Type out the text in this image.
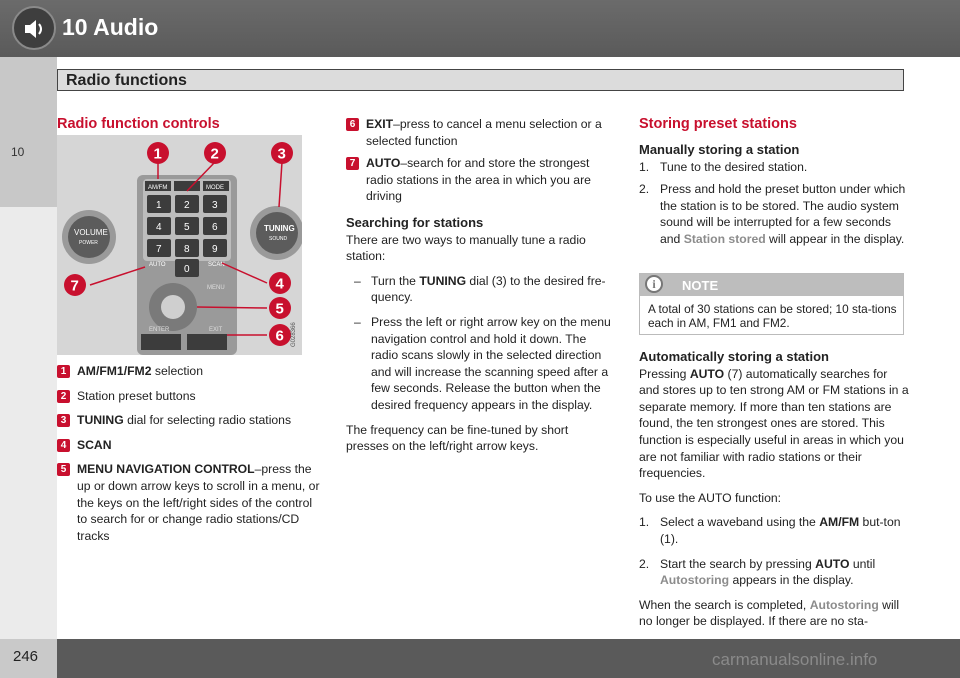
10 Audio
10
Radio functions
Radio function controls
AM/FM	MODE
1 2 3
4 5 6
7 8 9
0
AUTO	SCAN
MENU
ENTER	EXIT
VOLUME
POWER
TUNING
SOUND
1	2	3
7	4
5
6 G028366
1 AM/FM1/FM2 selection
2 Station preset buttons
3 TUNING dial for selecting radio stations
4 SCAN
5 MENU NAVIGATION CONTROL–press the up or down arrow keys to scroll in a menu, or the keys on the left/right sides of the control to search for or change radio stations/CD tracks
6 EXIT–press to cancel a menu selection or a selected function
7 AUTO–search for and store the strongest radio stations in the area in which you are driving
Searching for stations
There are two ways to manually tune a radio station:
– Turn the TUNING dial (3) to the desired fre-quency.
– Press the left or right arrow key on the menu navigation control and hold it down. The radio scans slowly in the selected direction and will increase the scanning speed after a few seconds. Release the button when the desired frequency appears in the display.
The frequency can be fine-tuned by short presses on the left/right arrow keys.
Storing preset stations
Manually storing a station
1. Tune to the desired station.
2. Press and hold the preset button under which the station is to be stored. The audio system sound will be interrupted for a few seconds and Station stored will appear in the display.
i	NOTE
A total of 30 stations can be stored; 10 sta-tions each in AM, FM1 and FM2.
Automatically storing a station
Pressing AUTO (7) automatically searches for and stores up to ten strong AM or FM stations in a separate memory. If more than ten stations are found, the ten strongest ones are stored. This function is especially useful in areas in which you are not familiar with radio stations or their frequencies.
To use the AUTO function:
1. Select a waveband using the AM/FM but-ton (1).
2. Start the search by pressing AUTO until Autostoring appears in the display.
When the search is completed, Autostoring will no longer be displayed. If there are no sta-
246	carmanualsonline.info
